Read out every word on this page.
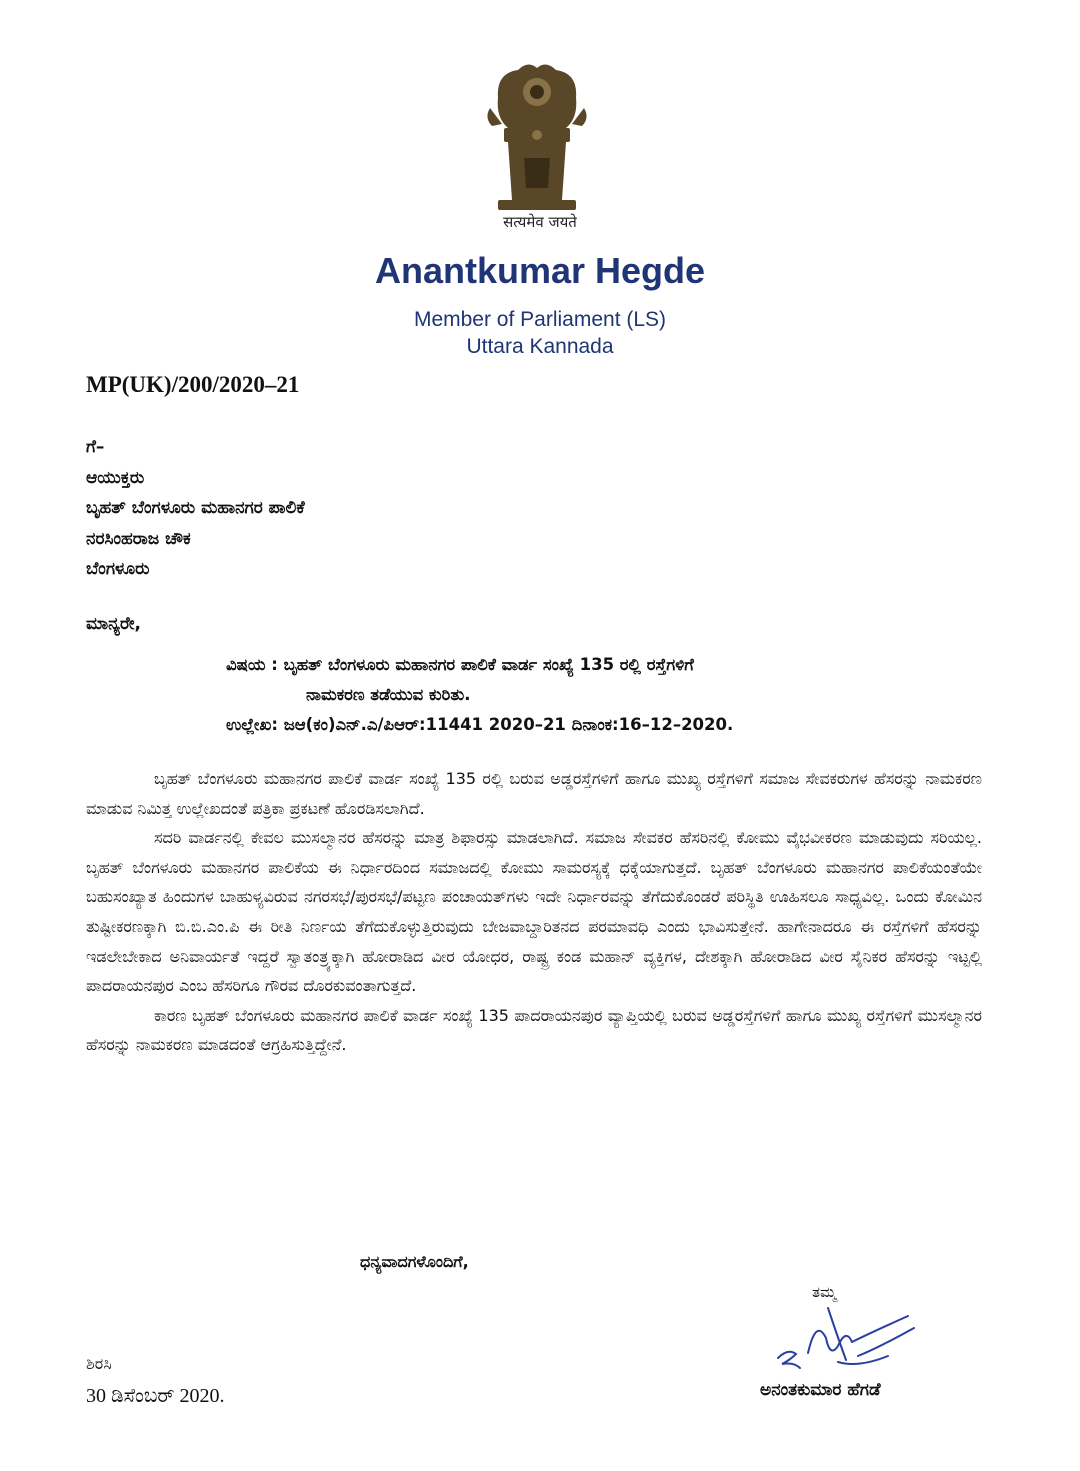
सत्यमेव जयते
Anantkumar Hegde
Member of Parliament (LS)
Uttara Kannada
MP(UK)/200/2020–21
ಗೆ–
ಆಯುಕ್ತರು
ಬೃಹತ್ ಬೆಂಗಳೂರು ಮಹಾನಗರ ಪಾಲಿಕೆ
ನರಸಿಂಹರಾಜ ಚೌಕ
ಬೆಂಗಳೂರು
ಮಾನ್ಯರೇ,
ವಿಷಯ : ಬೃಹತ್ ಬೆಂಗಳೂರು ಮಹಾನಗರ ಪಾಲಿಕೆ ವಾರ್ಡ ಸಂಖ್ಯೆ 135 ರಲ್ಲಿ ರಸ್ತೆಗಳಿಗೆ
ನಾಮಕರಣ ತಡೆಯುವ ಕುರಿತು.
ಉಲ್ಲೇಖ: ಜಆ(ಕಂ)ಎನ್.ಎ/ಪಿಆರ್:11441 2020–21 ದಿನಾಂಕ:16–12–2020.

ಬೃಹತ್ ಬೆಂಗಳೂರು ಮಹಾನಗರ ಪಾಲಿಕೆ ವಾರ್ಡ ಸಂಖ್ಯೆ 135 ರಲ್ಲಿ ಬರುವ ಅಡ್ಡರಸ್ತೆಗಳಿಗೆ ಹಾಗೂ ಮುಖ್ಯ ರಸ್ತೆಗಳಿಗೆ ಸಮಾಜ ಸೇವಕರುಗಳ ಹೆಸರನ್ನು ನಾಮಕರಣ ಮಾಡುವ ನಿಮಿತ್ತ ಉಲ್ಲೇಖದಂತೆ ಪತ್ರಿಕಾ ಪ್ರಕಟಣೆ ಹೊರಡಿಸಲಾಗಿದೆ.

ಸದರಿ ವಾರ್ಡನಲ್ಲಿ ಕೇವಲ ಮುಸಲ್ಮಾನರ ಹೆಸರನ್ನು ಮಾತ್ರ ಶಿಫಾರಸ್ಸು ಮಾಡಲಾಗಿದೆ. ಸಮಾಜ ಸೇವಕರ ಹೆಸರಿನಲ್ಲಿ ಕೋಮು ವೈಭವೀಕರಣ ಮಾಡುವುದು ಸರಿಯಲ್ಲ. ಬೃಹತ್ ಬೆಂಗಳೂರು ಮಹಾನಗರ ಪಾಲಿಕೆಯ ಈ ನಿರ್ಧಾರದಿಂದ ಸಮಾಜದಲ್ಲಿ ಕೋಮು ಸಾಮರಸ್ಯಕ್ಕೆ ಧಕ್ಕೆಯಾಗುತ್ತದೆ. ಬೃಹತ್ ಬೆಂಗಳೂರು ಮಹಾನಗರ ಪಾಲಿಕೆಯಂತೆಯೇ ಬಹುಸಂಖ್ಯಾತ ಹಿಂದುಗಳ ಬಾಹುಳ್ಯವಿರುವ ನಗರಸಭೆ/ಪುರಸಭೆ/ಪಟ್ಟಣ ಪಂಚಾಯತ್‌ಗಳು ಇದೇ ನಿರ್ಧಾರವನ್ನು ತೆಗೆದುಕೊಂಡರೆ ಪರಿಸ್ಥಿತಿ ಊಹಿಸಲೂ ಸಾಧ್ಯವಿಲ್ಲ. ಒಂದು ಕೋಮಿನ ತುಷ್ಟೀಕರಣಕ್ಕಾಗಿ ಬಿ.ಬಿ.ಎಂ.ಪಿ ಈ ರೀತಿ ನಿರ್ಣಯ ತೆಗೆದುಕೊಳ್ಳುತ್ತಿರುವುದು ಬೇಜವಾಬ್ದಾರಿತನದ ಪರಮಾವಧಿ ಎಂದು ಭಾವಿಸುತ್ತೇನೆ. ಹಾಗೇನಾದರೂ ಈ ರಸ್ತೆಗಳಿಗೆ ಹೆಸರನ್ನು ಇಡಲೇಬೇಕಾದ ಅನಿವಾರ್ಯತೆ ಇದ್ದರೆ ಸ್ವಾತಂತ್ರ್ಯಕ್ಕಾಗಿ ಹೋರಾಡಿದ ವೀರ ಯೋಧರ, ರಾಷ್ಟ್ರ ಕಂಡ ಮಹಾನ್ ವ್ಯಕ್ತಿಗಳ, ದೇಶಕ್ಕಾಗಿ ಹೋರಾಡಿದ ವೀರ ಸೈನಿಕರ ಹೆಸರನ್ನು ಇಟ್ಟಲ್ಲಿ ಪಾದರಾಯನಪುರ ಎಂಬ ಹೆಸರಿಗೂ ಗೌರವ ದೊರಕುವಂತಾಗುತ್ತದೆ.

ಕಾರಣ ಬೃಹತ್ ಬೆಂಗಳೂರು ಮಹಾನಗರ ಪಾಲಿಕೆ ವಾರ್ಡ ಸಂಖ್ಯೆ 135 ಪಾದರಾಯನಪುರ ವ್ಯಾಪ್ತಿಯಲ್ಲಿ ಬರುವ ಅಡ್ಡರಸ್ತೆಗಳಿಗೆ ಹಾಗೂ ಮುಖ್ಯ ರಸ್ತೆಗಳಿಗೆ ಮುಸಲ್ಮಾನರ ಹೆಸರನ್ನು ನಾಮಕರಣ ಮಾಡದಂತೆ ಆಗ್ರಹಿಸುತ್ತಿದ್ದೇನೆ.

ಧನ್ಯವಾದಗಳೊಂದಿಗೆ,
ತಮ್ಮ
ಅನಂತಕುಮಾರ ಹೆಗಡೆ
ಶಿರಸಿ
30 ಡಿಸೆಂಬರ್ 2020.
